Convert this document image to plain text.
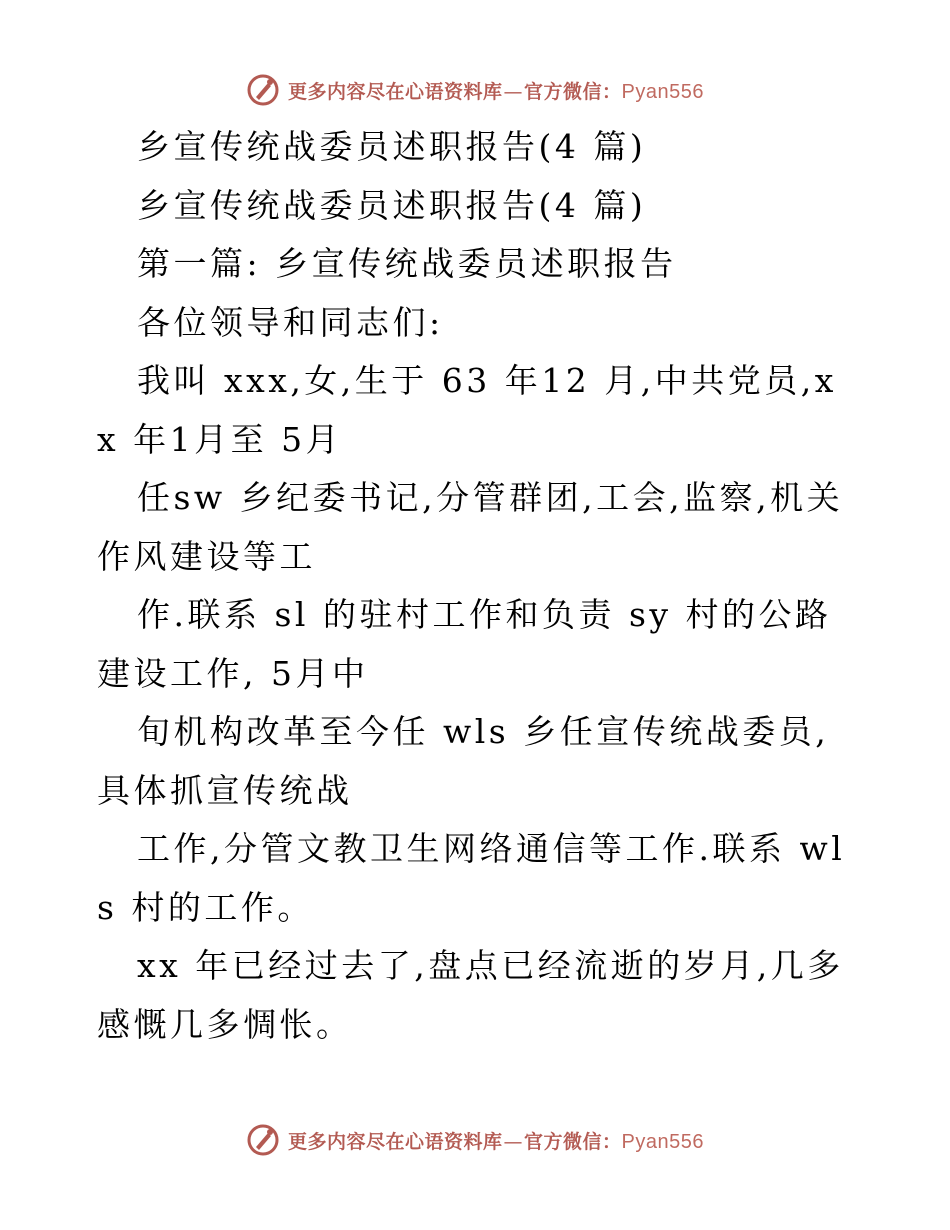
更多内容尽在心语资料库—官方微信：Pyan556

乡宣传统战委员述职报告(4 篇)

乡宣传统战委员述职报告(4 篇)

第一篇: 乡宣传统战委员述职报告

各位领导和同志们:

我叫 xxx,女,生于 63 年12 月,中共党员,xx 年1月至 5月

任sw 乡纪委书记,分管群团,工会,监察,机关作风建设等工

作.联系 sl 的驻村工作和负责 sy 村的公路建设工作, 5月中

旬机构改革至今任 wls 乡任宣传统战委员,具体抓宣传统战

工作,分管文教卫生网络通信等工作.联系 wls 村的工作。

xx 年已经过去了,盘点已经流逝的岁月,几多感慨几多惆怅。

更多内容尽在心语资料库—官方微信：Pyan556
